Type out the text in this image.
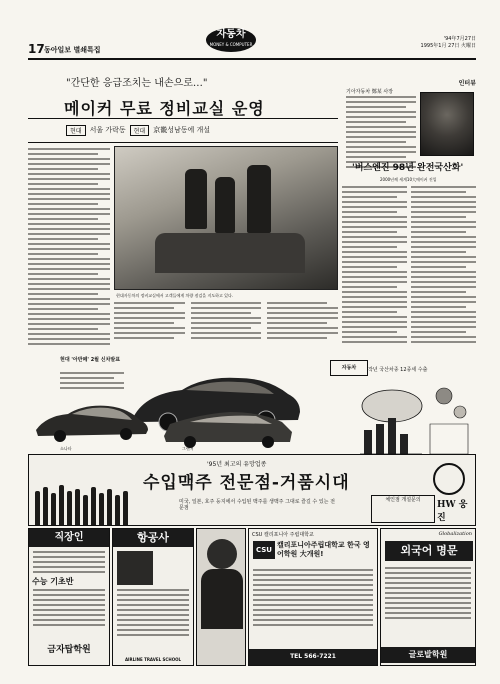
17 동아일보 별쇄특집
'94年7月27日
1995年1月 27日 火曜日
자동차
MONEY & COMPUTER
"간단한 응급조치는 내손으로…"
메이커 무료 정비교실 운영
현대	서울 가락동	현대	京畿성남동에 개설
현대자동차의 정비교실에서 고객들에게 차량 점검을 지도하고 있다.
인터뷰
기아자동차 鄭某 사장
'버스엔진 98년 완전국산화'
2000년께 세계10大메이커 진입
자동차	작년 국산차종 12종세 수출
현대 '아반떼' 2월 신차발표
소나타	그랜저
'95년 최고의 유망업종
수입맥주 전문점-거품시대
미국, 일본, 호주 등지에서 수입된 맥주를 생맥주 그대로 즐길 수 있는 전문점
체인점 개설문의	HW 웅진
직장인
수능 기초반
금자탑학원
항공사
AIRLINE TRAVEL SCHOOL
CSU 캘리포니아 주립대학교
CSU
캘리포니아주립대학교 한국 영어학원 大개원!
TEL 566-7221
Globalization
외국어 명문
글로발학원
